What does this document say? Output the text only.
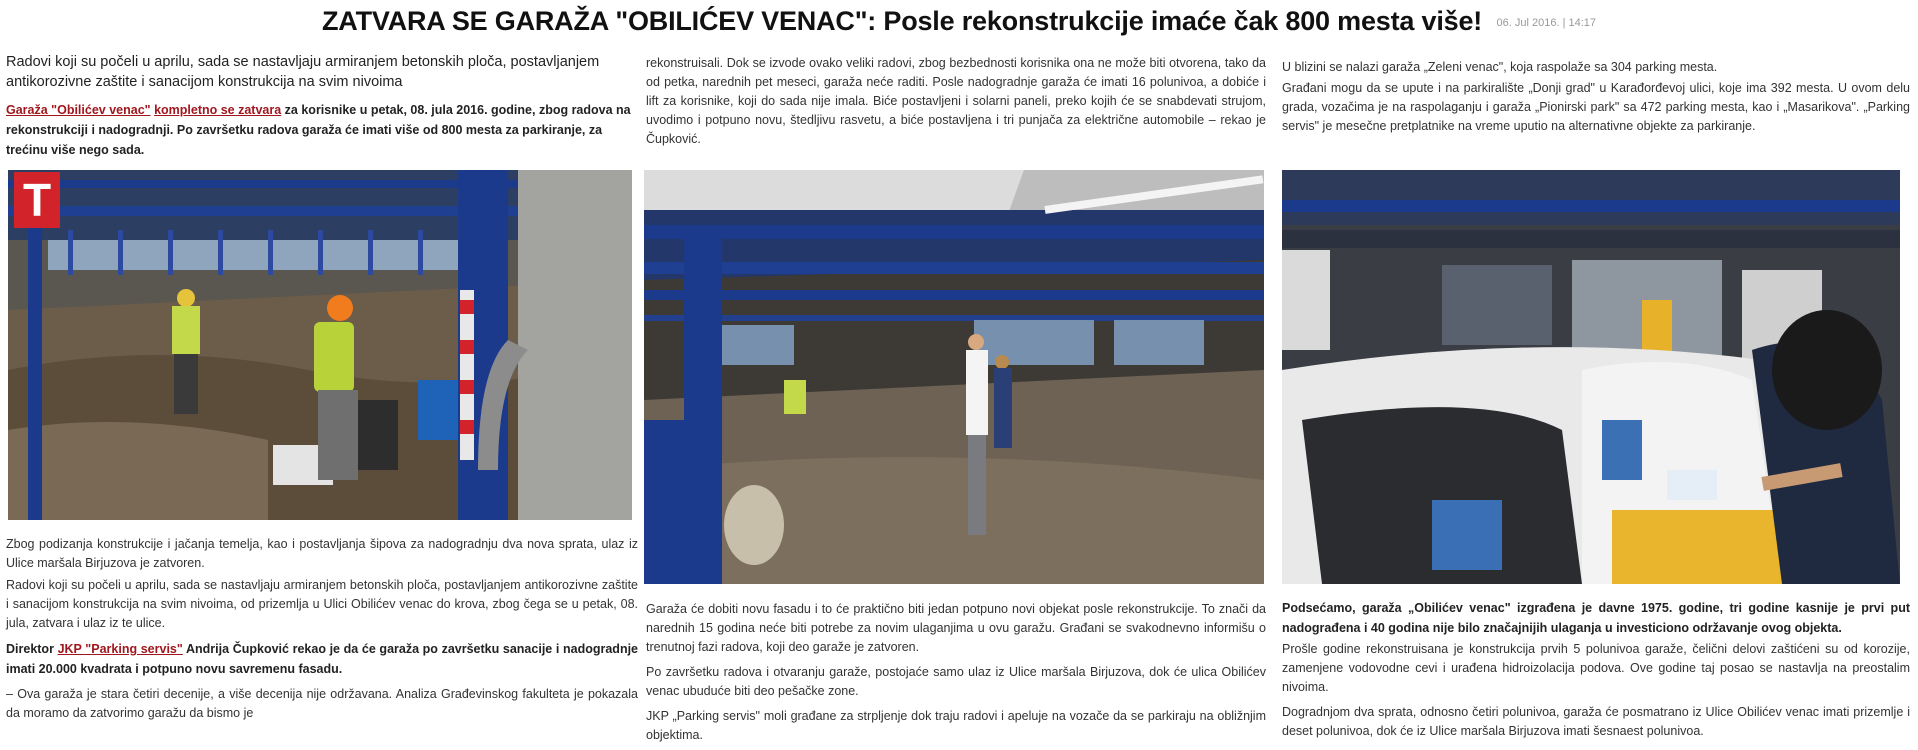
ZATVARA SE GARAŽA "OBILIĆEV VENAC": Posle rekonstrukcije imaće čak 800 mesta više! $^{06. Jul 2016. | 14:17}$

Radovi koji su počeli u aprilu, sada se nastavljaju armiranjem betonskih ploča, postavljanjem antikorozivne zaštite i sanacijom konstrukcija na svim nivoima

Garaža "Obilićev venac" kompletno se zatvara za korisnike u petak, 08. jula 2016. godine, zbog radova na rekonstrukciji i nadogradnji. Po završetku radova garaža će imati više od 800 mesta za parkiranje, za trećinu više nego sada.

T

Zbog podizanja konstrukcije i jačanja temelja, kao i postavljanja šipova za nadogradnju dva nova sprata, ulaz iz Ulice maršala Birjuzova je zatvoren.

Radovi koji su počeli u aprilu, sada se nastavljaju armiranjem betonskih ploča, postavljanjem antikorozivne zaštite i sanacijom konstrukcija na svim nivoima, od prizemlja u Ulici Obilićev venac do krova, zbog čega se u petak, 08. jula, zatvara i ulaz iz te ulice.

Direktor JKP "Parking servis" Andrija Čupković rekao je da će garaža po završetku sanacije i nadogradnje imati 20.000 kvadrata i potpuno novu savremenu fasadu.

– Ova garaža je stara četiri decenije, a više decenija nije održavana. Analiza Građevinskog fakulteta je pokazala da moramo da zatvorimo garažu da bismo je

rekonstruisali. Dok se izvode ovako veliki radovi, zbog bezbednosti korisnika ona ne može biti otvorena, tako da od petka, narednih pet meseci, garaža neće raditi. Posle nadogradnje garaža će imati 16 polunivoa, a dobiće i lift za korisnike, koji do sada nije imala. Biće postavljeni i solarni paneli, preko kojih će se snabdevati strujom, uvodimo i potpuno novu, štedljivu rasvetu, a biće postavljena i tri punjača za električne automobile – rekao je Čupković.

Garaža će dobiti novu fasadu i to će praktično biti jedan potpuno novi objekat posle rekonstrukcije. To znači da narednih 15 godina neće biti potrebe za novim ulaganjima u ovu garažu. Građani se svakodnevno informišu o trenutnoj fazi radova, koji deo garaže je zatvoren.

Po završetku radova i otvaranju garaže, postojaće samo ulaz iz Ulice maršala Birjuzova, dok će ulica Obilićev venac ubuduće biti deo pešačke zone.

JKP „Parking servis" moli građane za strpljenje dok traju radovi i apeluje na vozače da se parkiraju na obližnjim objektima.

U blizini se nalazi garaža „Zeleni venac", koja raspolaže sa 304 parking mesta.

Građani mogu da se upute i na parkiralište „Donji grad" u Karađorđevoj ulici, koje ima 392 mesta. U ovom delu grada, vozačima je na raspolaganju i garaža „Pionirski park" sa 472 parking mesta, kao i „Masarikova". „Parking servis" je mesečne pretplatnike na vreme uputio na alternativne objekte za parkiranje.

Podsećamo, garaža „Obilićev venac" izgrađena je davne 1975. godine, tri godine kasnije je prvi put nadograđena i 40 godina nije bilo značajnijih ulaganja u investiciono održavanje ovog objekta.

Prošle godine rekonstruisana je konstrukcija prvih 5 polunivoa garaže, čelični delovi zaštićeni su od korozije, zamenjene vodovodne cevi i urađena hidroizolacija podova. Ove godine taj posao se nastavlja na preostalim nivoima.

Dogradnjom dva sprata, odnosno četiri polunivoa, garaža će posmatrano iz Ulice Obilićev venac imati prizemlje i deset polunivoa, dok će iz Ulice maršala Birjuzova imati šesnaest polunivoa.
